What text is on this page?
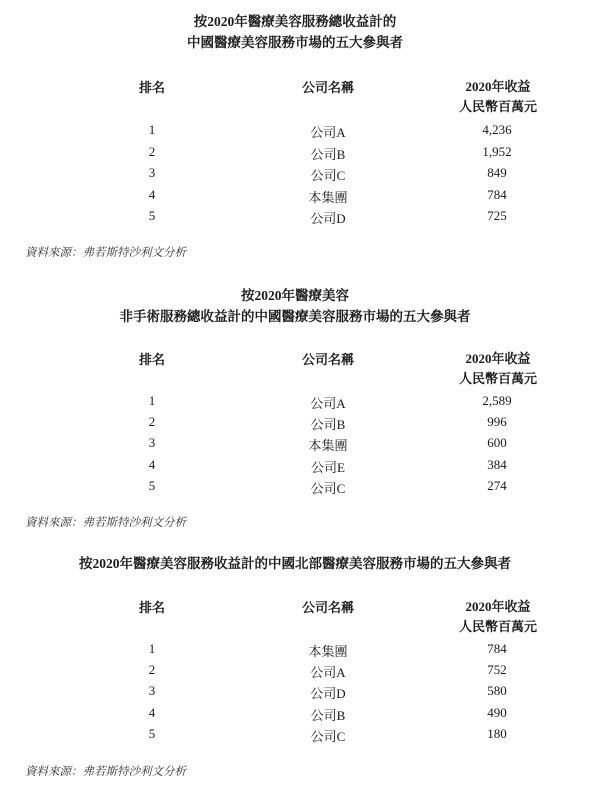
按2020年醫療美容服務總收益計的
中國醫療美容服務市場的五大參與者
排名	公司名稱	2020年收益
人民幣百萬元
1	公司A	4,236
2	公司B	1,952
3	公司C	849
4	本集團	784
5	公司D	725
資料來源：弗若斯特沙利文分析
按2020年醫療美容
非手術服務總收益計的中國醫療美容服務市場的五大參與者
排名	公司名稱	2020年收益
人民幣百萬元
1	公司A	2,589
2	公司B	996
3	本集團	600
4	公司E	384
5	公司C	274
資料來源：弗若斯特沙利文分析
按2020年醫療美容服務收益計的中國北部醫療美容服務市場的五大參與者
排名	公司名稱	2020年收益
人民幣百萬元
1	本集團	784
2	公司A	752
3	公司D	580
4	公司B	490
5	公司C	180
資料來源：弗若斯特沙利文分析
